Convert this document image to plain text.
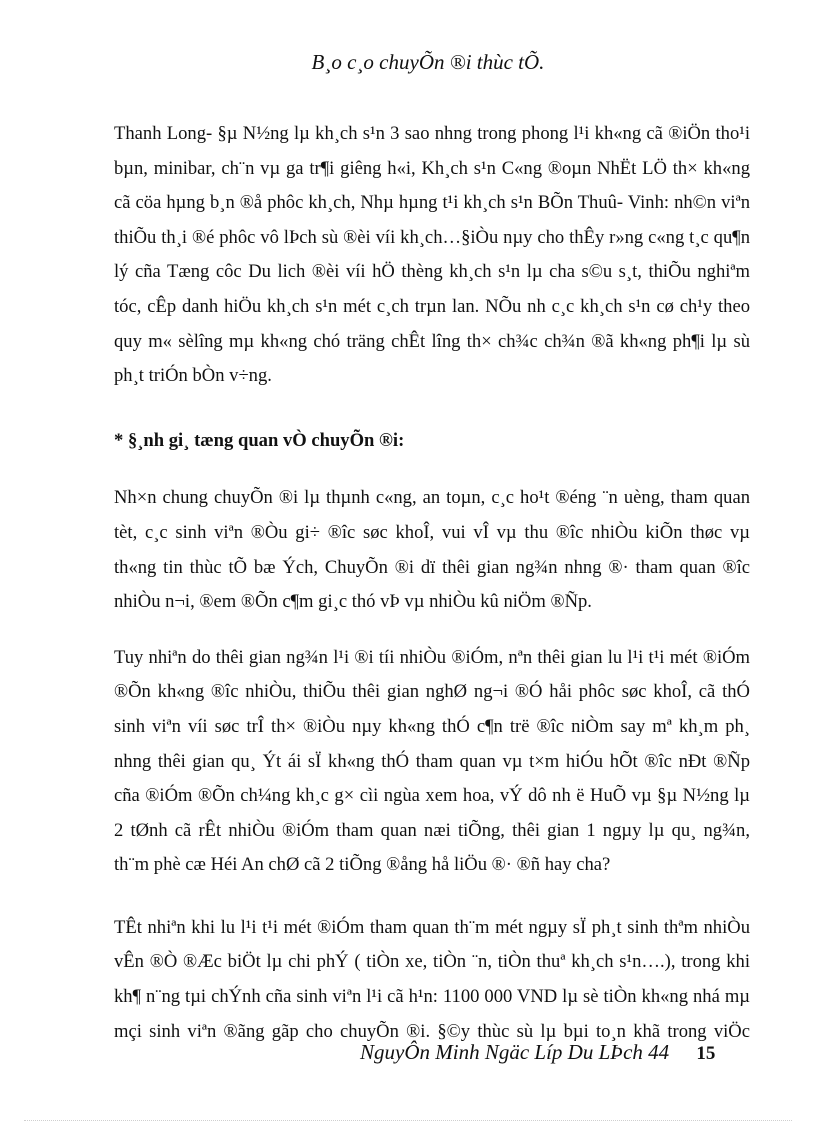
B¸o c¸o chuyÕn ®i thùc tÕ.
Thanh Long- §µ N½ng lµ kh¸ch s¹n 3 sao nhng trong phong l¹i kh«ng cã ®iÖn tho¹i
bµn, minibar, ch¨n vµ ga tr¶i giêng h«i, Kh¸ch s¹n C«ng ®oµn NhËt LÖ th× kh«ng
cã cöa hµng b¸n ®å phôc kh¸ch, Nhµ hµng t¹i kh¸ch s¹n BÕn Thuû- Vinh: nh©n viªn
thiÕu th¸i ®é phôc vô lÞch sù ®èi víi kh¸ch…§iÒu nµy cho thÊy r»ng c«ng t¸c qu¶n
lý cña Tæng côc Du lich ®èi víi hÖ thèng kh¸ch s¹n lµ cha s©u s¸t, thiÕu nghiªm
tóc, cÊp danh hiÖu kh¸ch s¹n mét c¸ch trµn lan. NÕu nh c¸c kh¸ch s¹n cø ch¹y theo
quy m« sèlîng mµ kh«ng chó träng chÊt lîng th× ch¾c ch¾n ®ã kh«ng ph¶i lµ sù
ph¸t triÓn bÒn v÷ng.
* §¸nh gi¸ tæng quan vÒ chuyÕn ®i:
Nh×n chung chuyÕn ®i lµ thµnh c«ng, an toµn, c¸c ho¹t ®éng ¨n uèng, tham quan
tèt, c¸c sinh viªn ®Òu gi÷ ®îc søc khoÎ, vui vÎ vµ thu ®îc nhiÒu kiÕn thøc vµ
th«ng tin thùc tÕ bæ Ých, ChuyÕn ®i dï thêi gian ng¾n nhng ®· tham quan ®îc
nhiÒu n¬i, ®em ®Õn c¶m gi¸c thó vÞ vµ nhiÒu kû niÖm ®Ñp.
Tuy nhiªn do thêi gian ng¾n l¹i ®i tíi nhiÒu ®iÓm, nªn thêi gian lu l¹i t¹i mét ®iÓm
®Õn kh«ng ®îc nhiÒu, thiÕu thêi gian nghØ ng¬i ®Ó håi phôc søc khoÎ, cã thÓ
sinh viªn víi søc trÎ th× ®iÒu nµy kh«ng thÓ c¶n trë ®îc niÒm say mª kh¸m ph¸
nhng thêi gian qu¸ Ýt ái sÏ kh«ng thÓ tham quan vµ t×m hiÓu hÕt ®îc nÐt ®Ñp
cña ®iÓm ®Õn ch¼ng kh¸c g× cìi ngùa xem hoa, vÝ dô nh ë HuÕ vµ §µ N½ng lµ
2 tØnh cã rÊt nhiÒu ®iÓm tham quan næi tiÕng, thêi gian 1 ngµy lµ qu¸ ng¾n,
th¨m phè cæ Héi An chØ cã 2 tiÕng ®ång hå liÖu ®· ®ñ hay cha?
TÊt nhiªn khi lu l¹i t¹i mét ®iÓm tham quan th¨m mét ngµy sÏ ph¸t sinh thªm nhiÒu
vÊn ®Ò ®Æc biÖt lµ chi phÝ ( tiÒn xe, tiÒn ¨n, tiÒn thuª kh¸ch s¹n….), trong khi
kh¶ n¨ng tµi chÝnh cña sinh viªn l¹i cã h¹n: 1100 000 VND lµ sè tiÒn kh«ng nhá mµ
mçi sinh viªn ®ãng gãp cho chuyÕn ®i. §©y thùc sù lµ bµi to¸n khã trong viÖc
NguyÔn Minh Ngäc Líp Du LÞch 44 15
